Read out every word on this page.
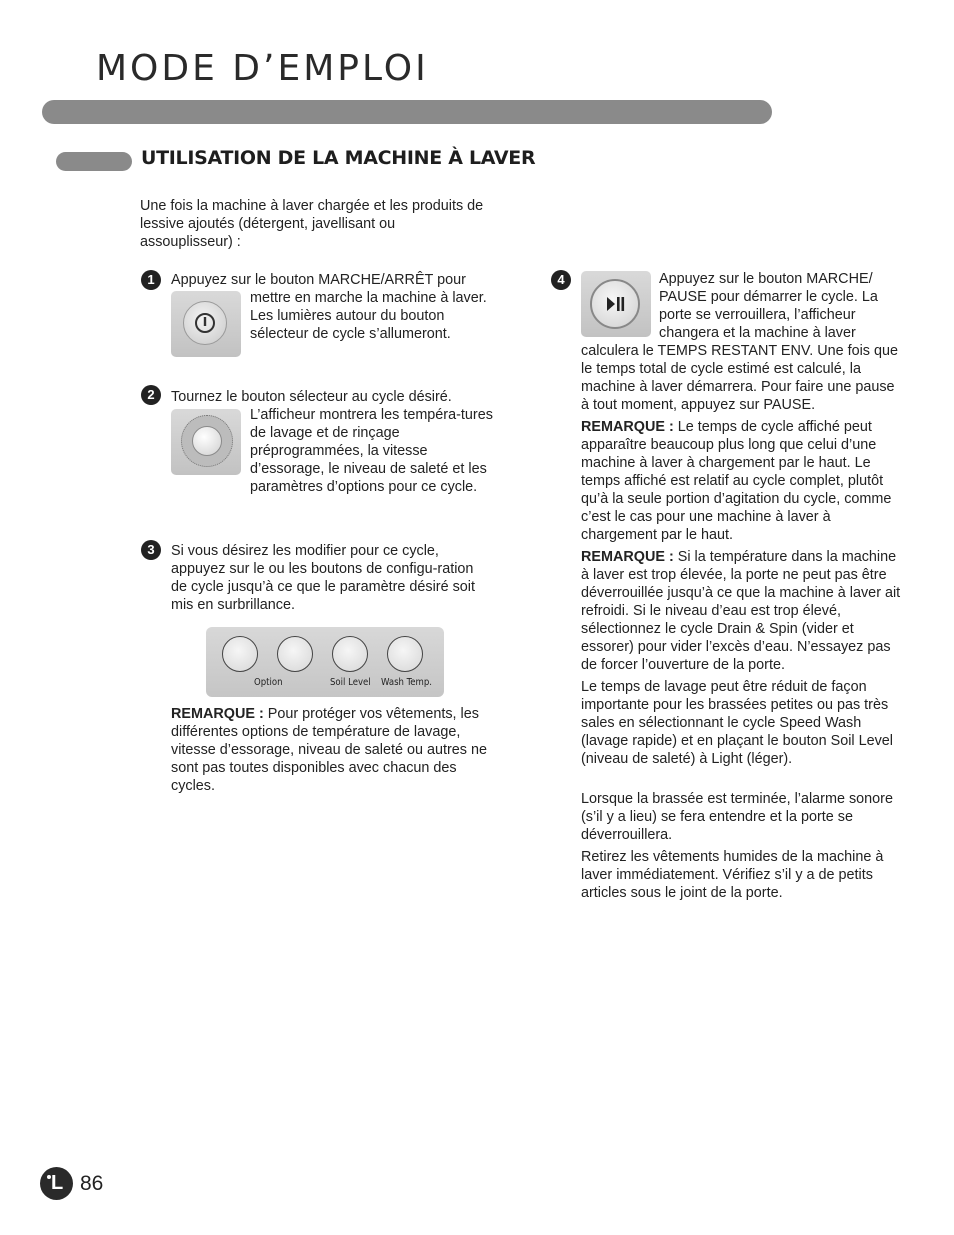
MODE D’EMPLOI
UTILISATION DE LA MACHINE À LAVER
Une fois la machine à laver chargée et les produits de lessive ajoutés (détergent, javellisant ou assouplisseur) :
1	Appuyez sur le bouton MARCHE/ARRÊT pour

mettre en marche la machine à laver. Les lumières autour du bouton sélecteur de cycle s’allumeront.

2	Tournez le bouton sélecteur au cycle désiré.

L’afficheur montrera les tempéra-tures de lavage et de rinçage préprogrammées, la vitesse d’essorage, le niveau de saleté et les paramètres d’options pour ce cycle.

3	Si vous désirez les modifier pour ce cycle, appuyez sur le ou les boutons de configu-ration de cycle jusqu’à ce que le paramètre désiré soit mis en surbrillance.
Option	Soil Level Wash Temp.
REMARQUE : Pour protéger vos vêtements, les différentes options de température de lavage, vitesse d’essorage, niveau de saleté ou autres ne sont pas toutes disponibles avec chacun des cycles.
4	Appuyez sur le bouton MARCHE/ PAUSE pour démarrer le cycle. La porte se verrouillera, l’afficheur changera et la machine à laver calculera le TEMPS RESTANT ENV. Une fois que le temps total de cycle estimé est calculé, la machine à laver démarrera. Pour faire une pause à tout moment, appuyez sur PAUSE.

REMARQUE : Le temps de cycle affiché peut apparaître beaucoup plus long que celui d’une machine à laver à chargement par le haut. Le temps affiché est relatif au cycle complet, plutôt qu’à la seule portion d’agitation du cycle, comme c’est le cas pour une machine à laver à chargement par le haut.

REMARQUE : Si la température dans la machine à laver est trop élevée, la porte ne peut pas être déverrouillée jusqu’à ce que la machine à laver ait refroidi. Si le niveau d’eau est trop élevé, sélectionnez le cycle Drain & Spin (vider et essorer) pour vider l’excès d’eau. N’essayez pas de forcer l’ouverture de la porte.

Le temps de lavage peut être réduit de façon importante pour les brassées petites ou pas très sales en sélectionnant le cycle Speed Wash (lavage rapide) et en plaçant le bouton Soil Level (niveau de saleté) à Light (léger).

Lorsque la brassée est terminée, l’alarme sonore (s’il y a lieu) se fera entendre et la porte se déverrouillera.

Retirez les vêtements humides de la machine à laver immédiatement. Vérifiez s’il y a de petits articles sous le joint de la porte.

L 86
